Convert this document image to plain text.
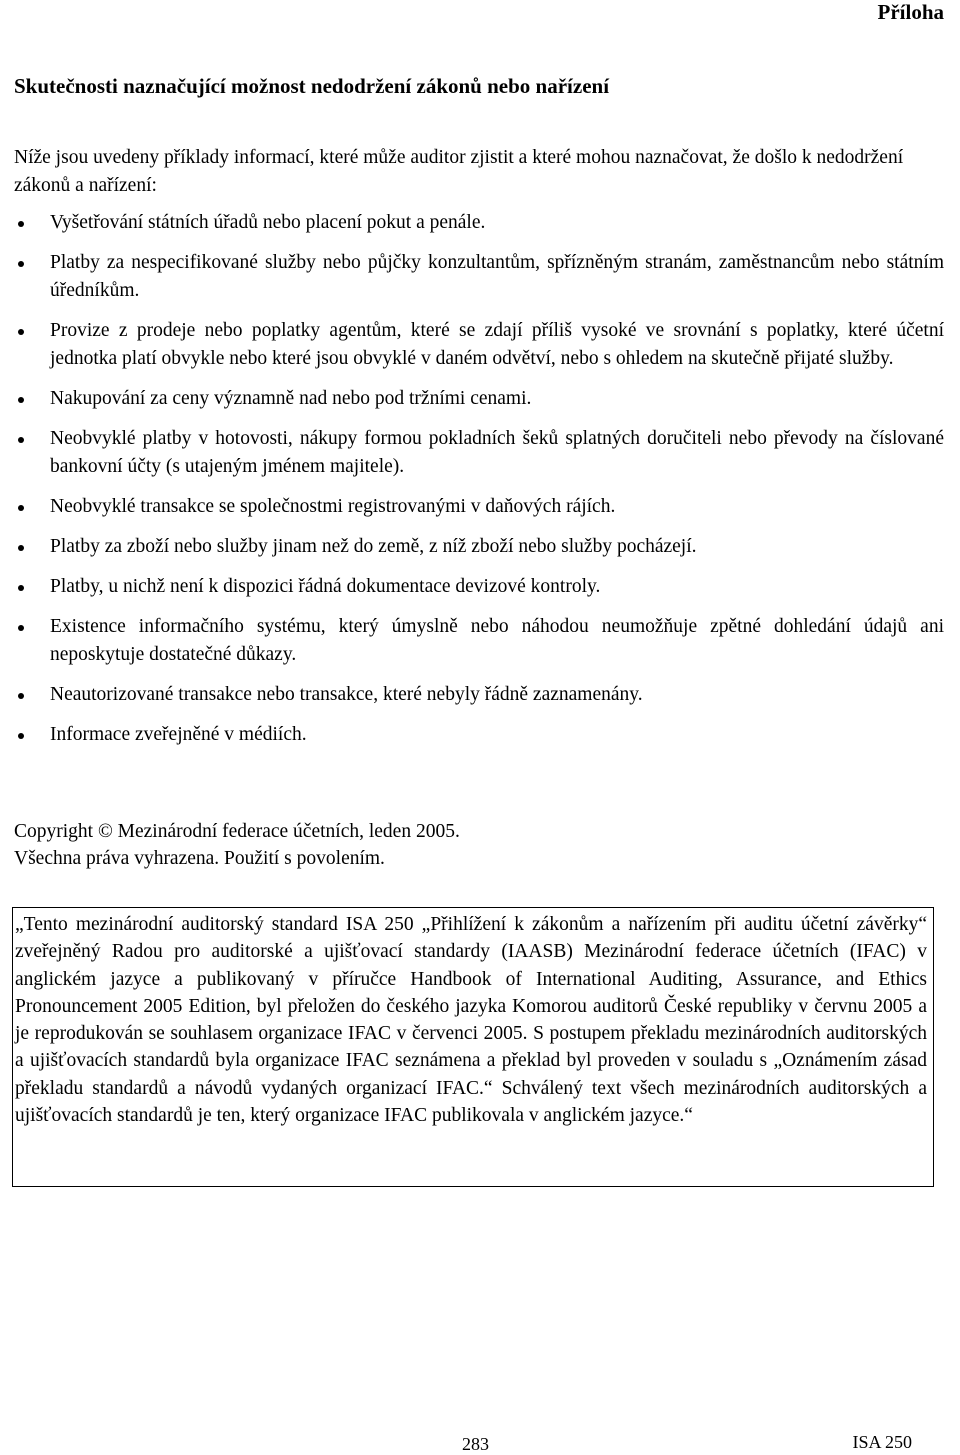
Příloha
Skutečnosti naznačující možnost nedodržení zákonů nebo nařízení

Níže jsou uvedeny příklady informací, které může auditor zjistit a které mohou naznačovat, že došlo k nedodržení zákonů a nařízení:

Vyšetřování státních úřadů nebo placení pokut a penále.
Platby za nespecifikované služby nebo půjčky konzultantům, spřízněným stranám, zaměstnancům nebo státním úředníkům.
Provize z prodeje nebo poplatky agentům, které se zdají příliš vysoké ve srovnání s poplatky, které účetní jednotka platí obvykle nebo které jsou obvyklé v daném odvětví, nebo s ohledem na skutečně přijaté služby.
Nakupování za ceny významně nad nebo pod tržními cenami.
Neobvyklé platby v hotovosti, nákupy formou pokladních šeků splatných doručiteli nebo převody na číslované bankovní účty (s utajeným jménem majitele).
Neobvyklé transakce se společnostmi registrovanými v daňových rájích.
Platby za zboží nebo služby jinam než do země, z níž zboží nebo služby pocházejí.
Platby, u nichž není k dispozici řádná dokumentace devizové kontroly.
Existence informačního systému, který úmyslně nebo náhodou neumožňuje zpětné dohledání údajů ani neposkytuje dostatečné důkazy.
Neautorizované transakce nebo transakce, které nebyly řádně zaznamenány.
Informace zveřejněné v médiích.
Copyright © Mezinárodní federace účetních, leden 2005.
Všechna práva vyhrazena. Použití s povolením.

„Tento mezinárodní auditorský standard ISA 250 „Přihlížení k zákonům a nařízením při auditu účetní závěrky“ zveřejněný Radou pro auditorské a ujišťovací standardy (IAASB) Mezinárodní federace účetních (IFAC) v anglickém jazyce a publikovaný v příručce Handbook of International Auditing, Assurance, and Ethics Pronouncement 2005 Edition, byl přeložen do českého jazyka Komorou auditorů České republiky v červnu 2005 a je reprodukován se souhlasem organizace IFAC v červenci 2005. S postupem překladu mezinárodních auditorských a ujišťovacích standardů byla organizace IFAC seznámena a překlad byl proveden v souladu s „Oznámením zásad překladu standardů a návodů vydaných organizací IFAC.“ Schválený text všech mezinárodních auditorských a ujišťovacích standardů je ten, který organizace IFAC publikovala v anglickém jazyce.“

283	ISA 250
